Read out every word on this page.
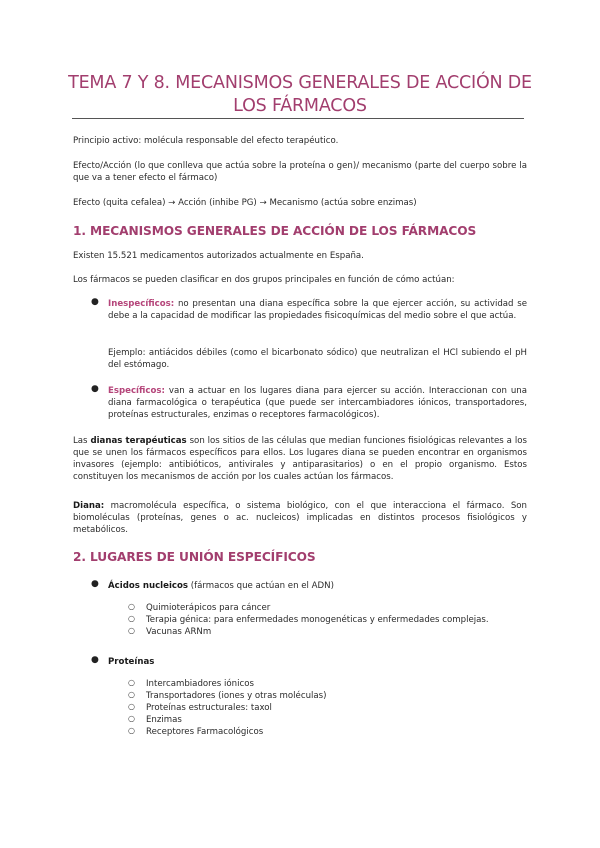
TEMA 7 Y 8. MECANISMOS GENERALES DE ACCIÓN DE LOS FÁRMACOS

Principio activo: molécula responsable del efecto terapéutico.

Efecto/Acción (lo que conlleva que actúa sobre la proteína o gen)/ mecanismo (parte del cuerpo sobre la que va a tener efecto el fármaco)

Efecto (quita cefalea) → Acción (inhibe PG) → Mecanismo (actúa sobre enzimas)

1. MECANISMOS GENERALES DE ACCIÓN DE LOS FÁRMACOS

Existen 15.521 medicamentos autorizados actualmente en España.

Los fármacos se pueden clasificar en dos grupos principales en función de cómo actúan:

● Inespecíficos: no presentan una diana específica sobre la que ejercer acción, su actividad se debe a la capacidad de modificar las propiedades fisicoquímicas del medio sobre el que actúa.

Ejemplo: antiácidos débiles (como el bicarbonato sódico) que neutralizan el HCl subiendo el pH del estómago.

● Específicos: van a actuar en los lugares diana para ejercer su acción. Interaccionan con una diana farmacológica o terapéutica (que puede ser intercambiadores iónicos, transportadores, proteínas estructurales, enzimas o receptores farmacológicos).

Las dianas terapéuticas son los sitios de las células que median funciones fisiológicas relevantes a los que se unen los fármacos específicos para ellos. Los lugares diana se pueden encontrar en organismos invasores (ejemplo: antibióticos, antivirales y antiparasitarios) o en el propio organismo. Estos constituyen los mecanismos de acción por los cuales actúan los fármacos.

Diana: macromolécula específica, o sistema biológico, con el que interacciona el fármaco. Son biomoléculas (proteínas, genes o ac. nucleicos) implicadas en distintos procesos fisiológicos y metabólicos.

2. LUGARES DE UNIÓN ESPECÍFICOS
● Ácidos nucleicos (fármacos que actúan en el ADN)

○ Quimioterápicos para cáncer

○ Terapia génica: para enfermedades monogenéticas y enfermedades complejas.

○ Vacunas ARNm

● Proteínas

○ Intercambiadores iónicos

○ Transportadores (iones y otras moléculas)

○ Proteínas estructurales: taxol

○ Enzimas

○ Receptores Farmacológicos
